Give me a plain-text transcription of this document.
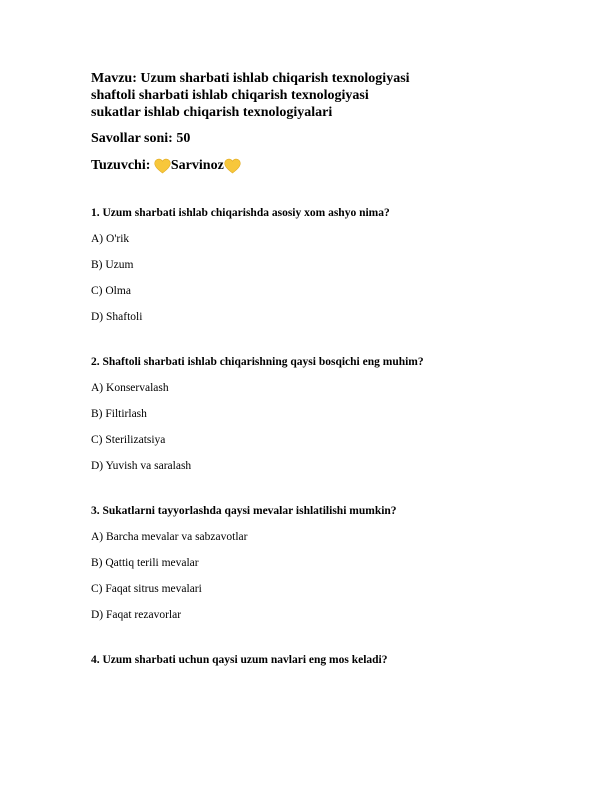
Mavzu: Uzum sharbati ishlab chiqarish texnologiyasi

shaftoli sharbati ishlab chiqarish texnologiyasi

sukatlar ishlab chiqarish texnologiyalari

Savollar soni: 50
Tuzuvchi: Sarvinoz
1. Uzum sharbati ishlab chiqarishda asosiy xom ashyo nima?
A) O'rik
B) Uzum
C) Olma
D) Shaftoli
2. Shaftoli sharbati ishlab chiqarishning qaysi bosqichi eng muhim?
A) Konservalash
B) Filtirlash
C) Sterilizatsiya
D) Yuvish va saralash
3. Sukatlarni tayyorlashda qaysi mevalar ishlatilishi mumkin?
A) Barcha mevalar va sabzavotlar
B) Qattiq terili mevalar
C) Faqat sitrus mevalari
D) Faqat rezavorlar
4. Uzum sharbati uchun qaysi uzum navlari eng mos keladi?
